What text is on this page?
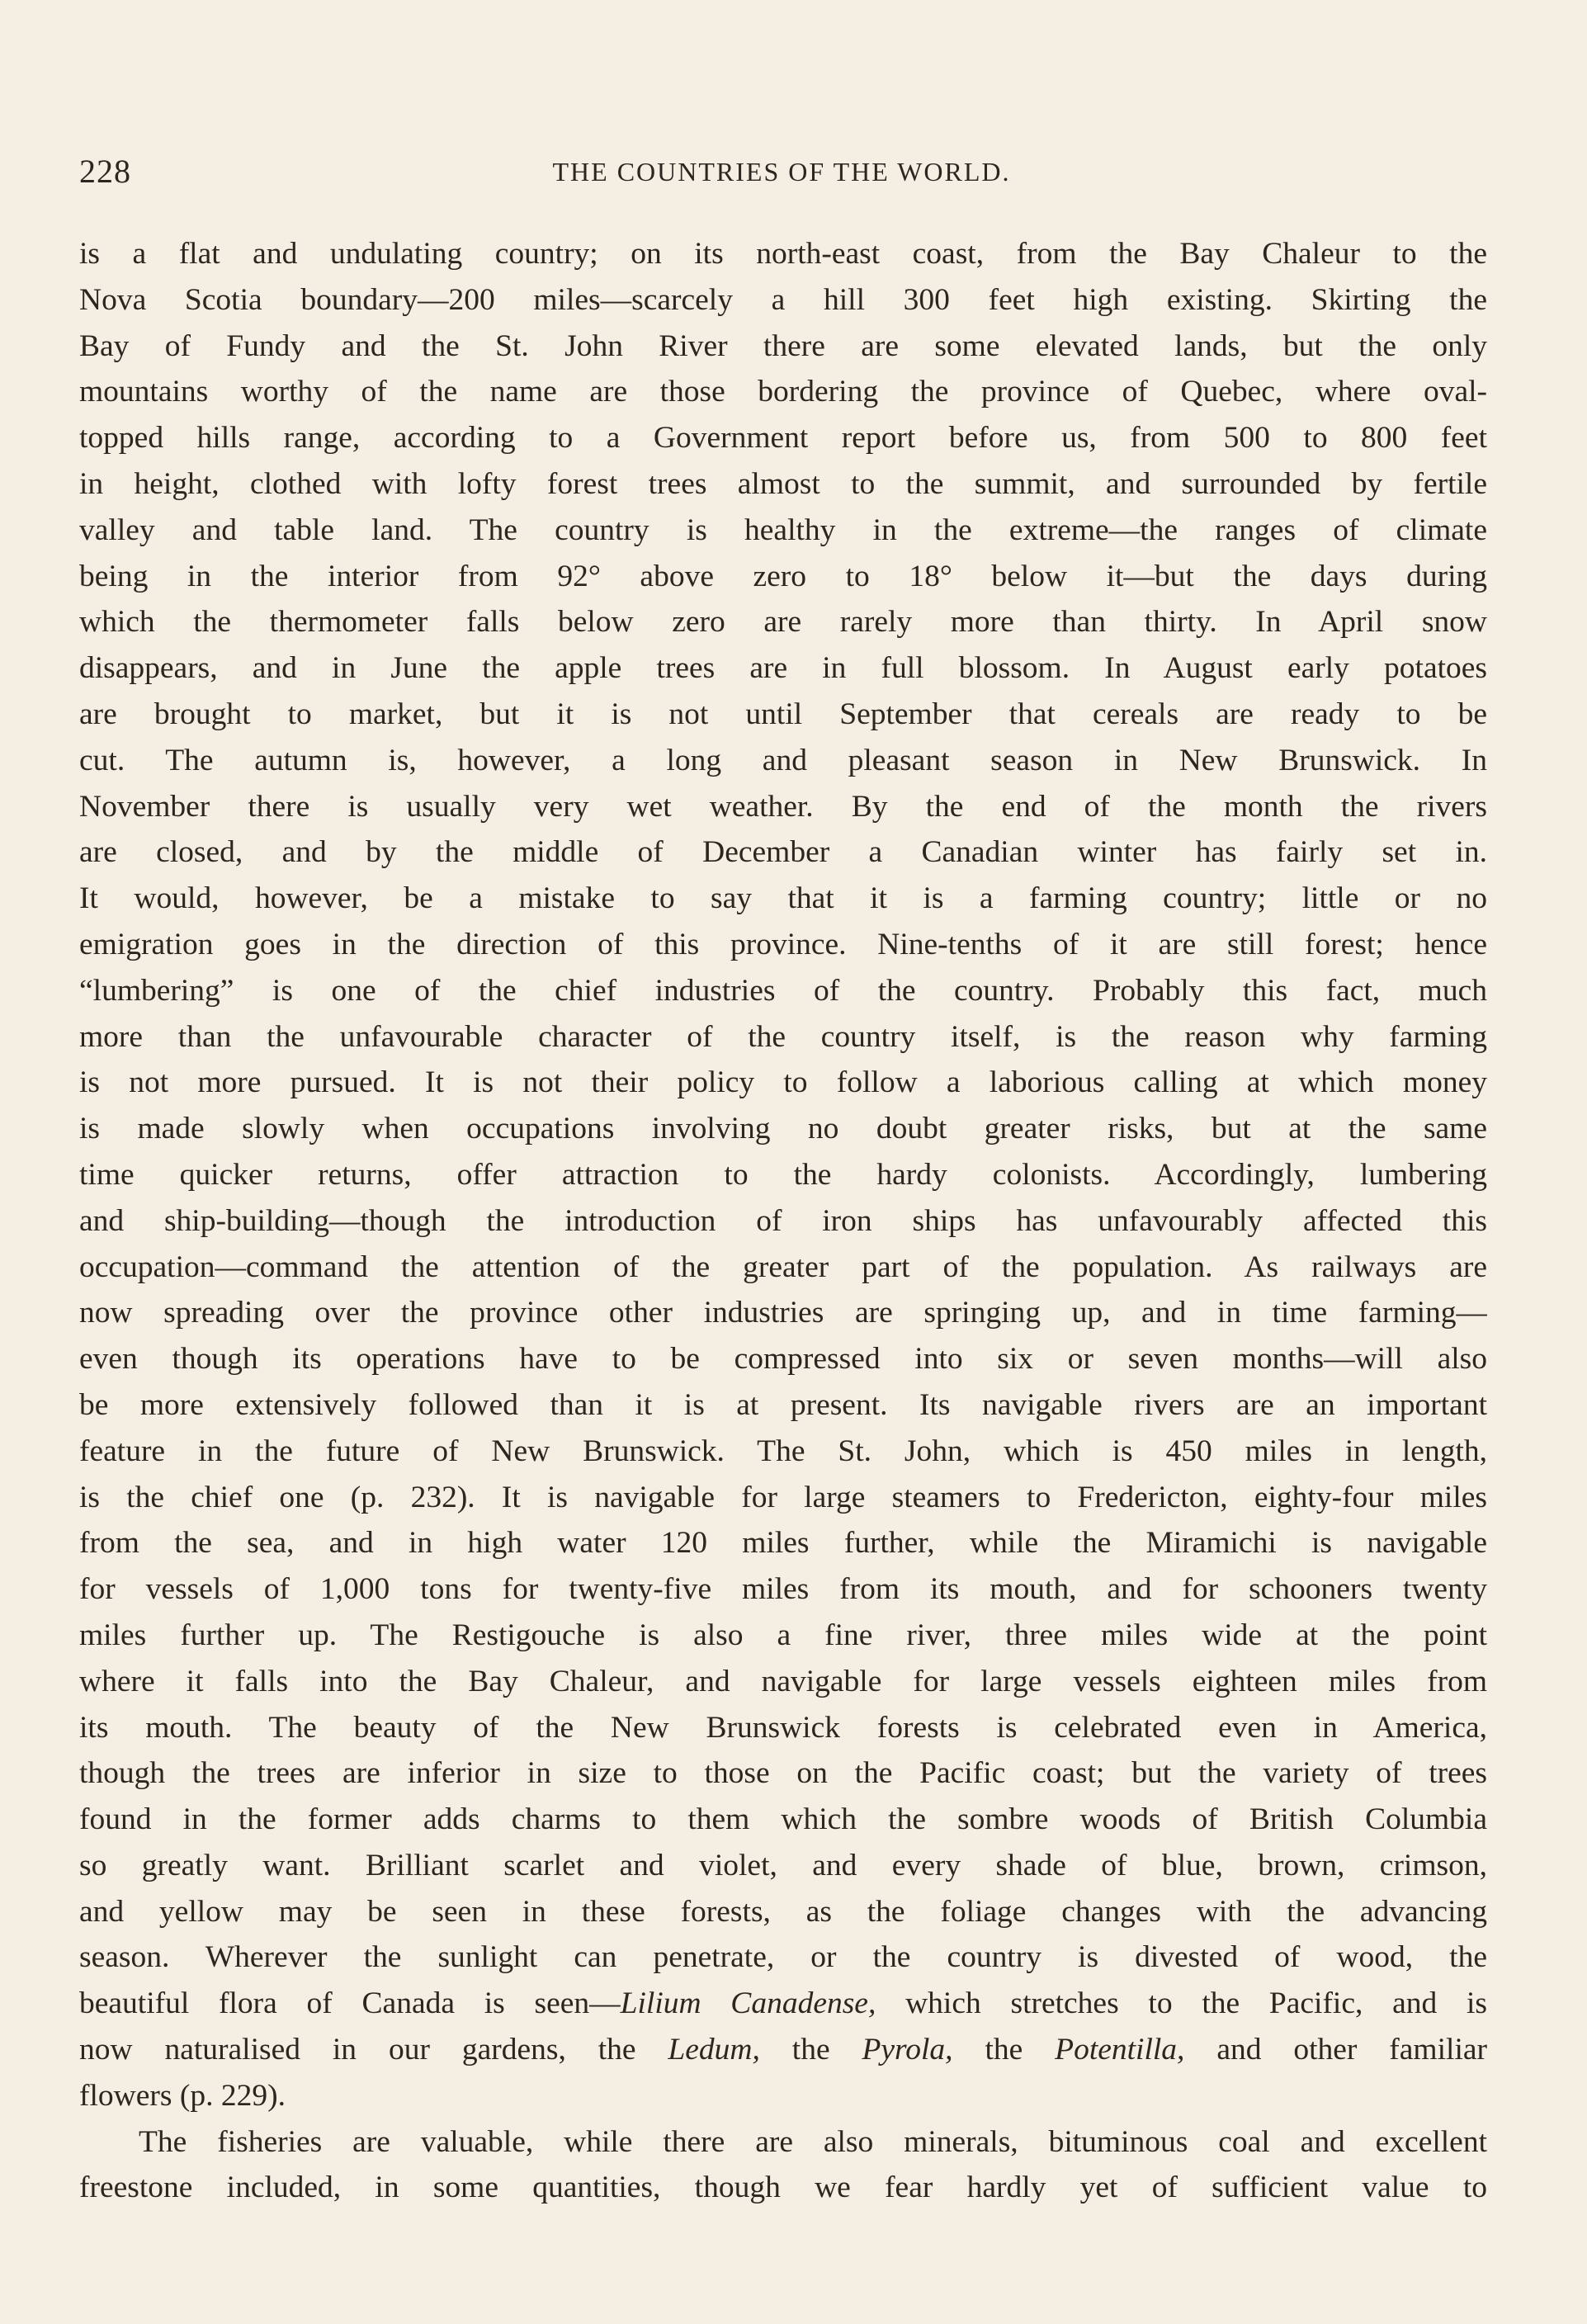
228	THE COUNTRIES OF THE WORLD.
is a flat and undulating country; on its north-east coast, from the Bay Chaleur to the
Nova Scotia boundary—200 miles—scarcely a hill 300 feet high existing. Skirting the
Bay of Fundy and the St. John River there are some elevated lands, but the only
mountains worthy of the name are those bordering the province of Quebec, where oval-
topped hills range, according to a Government report before us, from 500 to 800 feet
in height, clothed with lofty forest trees almost to the summit, and surrounded by fertile
valley and table land. The country is healthy in the extreme—the ranges of climate
being in the interior from 92° above zero to 18° below it—but the days during
which the thermometer falls below zero are rarely more than thirty. In April snow
disappears, and in June the apple trees are in full blossom. In August early potatoes
are brought to market, but it is not until September that cereals are ready to be
cut. The autumn is, however, a long and pleasant season in New Brunswick. In
November there is usually very wet weather. By the end of the month the rivers
are closed, and by the middle of December a Canadian winter has fairly set in.
It would, however, be a mistake to say that it is a farming country; little or no
emigration goes in the direction of this province. Nine-tenths of it are still forest; hence
“lumbering” is one of the chief industries of the country. Probably this fact, much
more than the unfavourable character of the country itself, is the reason why farming
is not more pursued. It is not their policy to follow a laborious calling at which money
is made slowly when occupations involving no doubt greater risks, but at the same
time quicker returns, offer attraction to the hardy colonists. Accordingly, lumbering
and ship-building—though the introduction of iron ships has unfavourably affected this
occupation—command the attention of the greater part of the population. As railways are
now spreading over the province other industries are springing up, and in time farming—
even though its operations have to be compressed into six or seven months—will also
be more extensively followed than it is at present. Its navigable rivers are an important
feature in the future of New Brunswick. The St. John, which is 450 miles in length,
is the chief one (p. 232). It is navigable for large steamers to Fredericton, eighty-four miles
from the sea, and in high water 120 miles further, while the Miramichi is navigable
for vessels of 1,000 tons for twenty-five miles from its mouth, and for schooners twenty
miles further up. The Restigouche is also a fine river, three miles wide at the point
where it falls into the Bay Chaleur, and navigable for large vessels eighteen miles from
its mouth. The beauty of the New Brunswick forests is celebrated even in America,
though the trees are inferior in size to those on the Pacific coast; but the variety of trees
found in the former adds charms to them which the sombre woods of British Columbia
so greatly want. Brilliant scarlet and violet, and every shade of blue, brown, crimson,
and yellow may be seen in these forests, as the foliage changes with the advancing
season. Wherever the sunlight can penetrate, or the country is divested of wood, the
beautiful flora of Canada is seen—Lilium Canadense, which stretches to the Pacific, and is
now naturalised in our gardens, the Ledum, the Pyrola, the Potentilla, and other familiar
flowers (p. 229).
The fisheries are valuable, while there are also minerals, bituminous coal and excellent
freestone included, in some quantities, though we fear hardly yet of sufficient value to
